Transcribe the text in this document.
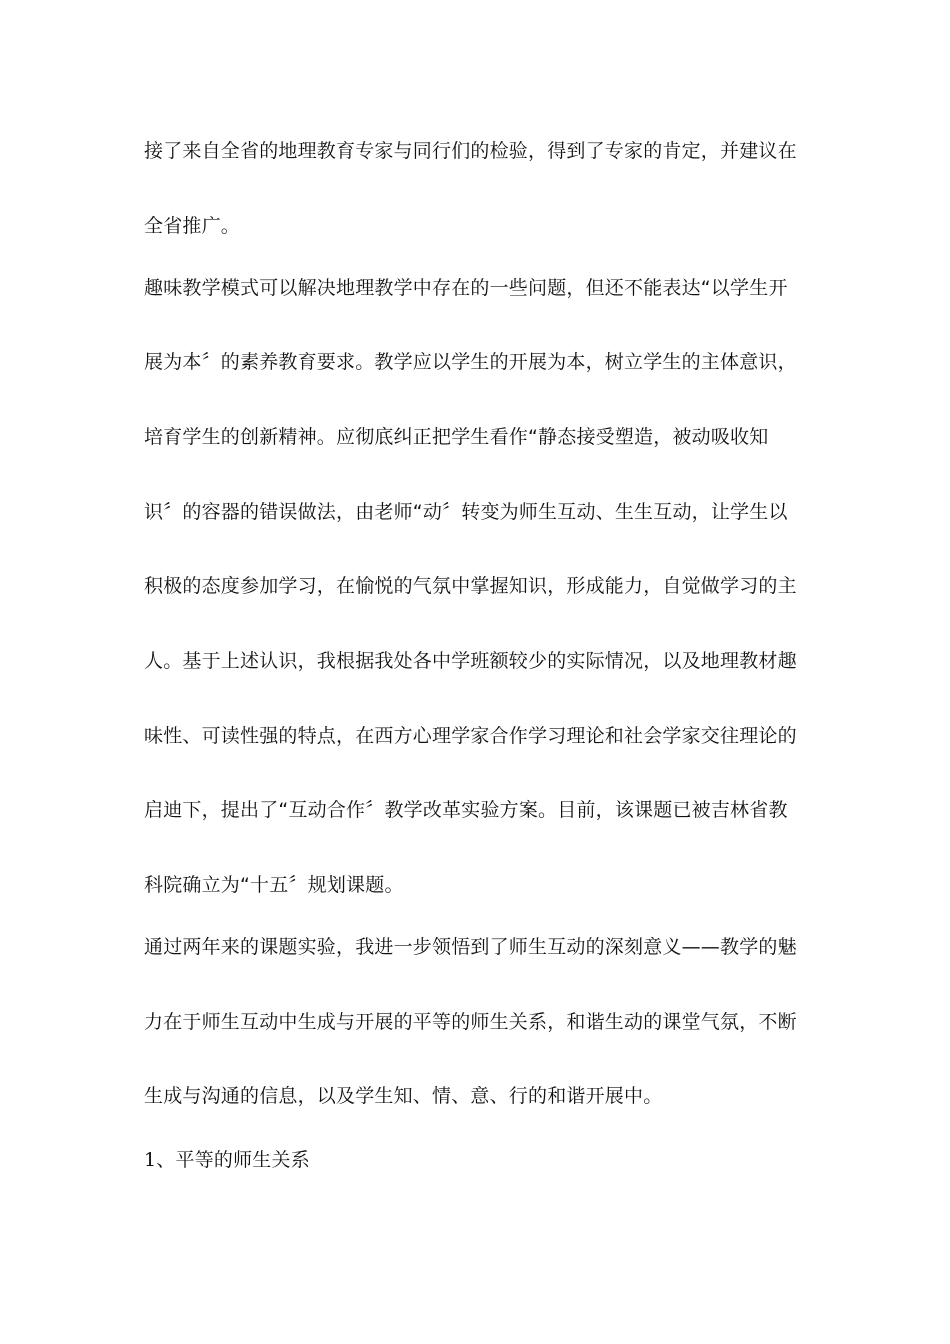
接了来自全省的地理教育专家与同行们的检验，得到了专家的肯定，并建议在
全省推广。
趣味教学模式可以解决地理教学中存在的一些问题，但还不能表达“以学生开
展为本〞的素养教育要求。教学应以学生的开展为本，树立学生的主体意识，
培育学生的创新精神。应彻底纠正把学生看作“静态接受塑造，被动吸收知
识〞的容器的错误做法，由老师“动〞转变为师生互动、生生互动，让学生以
积极的态度参加学习，在愉悦的气氛中掌握知识，形成能力，自觉做学习的主
人。基于上述认识，我根据我处各中学班额较少的实际情况，以及地理教材趣
味性、可读性强的特点，在西方心理学家合作学习理论和社会学家交往理论的
启迪下，提出了“互动合作〞教学改革实验方案。目前，该课题已被吉林省教
科院确立为“十五〞规划课题。
通过两年来的课题实验，我进一步领悟到了师生互动的深刻意义——教学的魅
力在于师生互动中生成与开展的平等的师生关系，和谐生动的课堂气氛，不断
生成与沟通的信息，以及学生知、情、意、行的和谐开展中。
1、平等的师生关系
